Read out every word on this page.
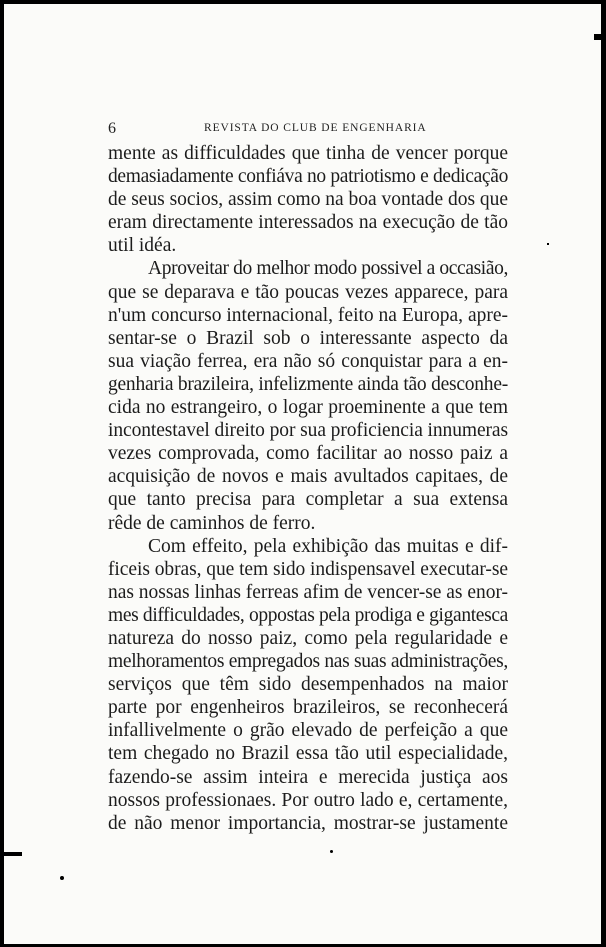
6	REVISTA DO CLUB DE ENGENHARIA

mente as difficuldades que tinha de vencer porque
demasiadamente confiáva no patriotismo e dedicação
de seus socios, assim como na boa vontade dos que
eram directamente interessados na execução de tão
util idéa.

Aproveitar do melhor modo possivel a occasião,
que se deparava e tão poucas vezes apparece, para
n'um concurso internacional, feito na Europa, apre-
sentar-se o Brazil sob o interessante aspecto da
sua viação ferrea, era não só conquistar para a en-
genharia brazileira, infelizmente ainda tão desconhe-
cida no estrangeiro, o logar proeminente a que tem
incontestavel direito por sua proficiencia innumeras
vezes comprovada, como facilitar ao nosso paiz a
acquisição de novos e mais avultados capitaes, de
que tanto precisa para completar a sua extensa
rêde de caminhos de ferro.

Com effeito, pela exhibição das muitas e dif-
ficeis obras, que tem sido indispensavel executar-se
nas nossas linhas ferreas afim de vencer-se as enor-
mes difficuldades, oppostas pela prodiga e gigantesca
natureza do nosso paiz, como pela regularidade e
melhoramentos empregados nas suas administrações,
serviços que têm sido desempenhados na maior
parte por engenheiros brazileiros, se reconhecerá
infallivelmente o grão elevado de perfeição a que
tem chegado no Brazil essa tão util especialidade,
fazendo-se assim inteira e merecida justiça aos
nossos professionaes. Por outro lado e, certamente,
de não menor importancia, mostrar-se justamente
